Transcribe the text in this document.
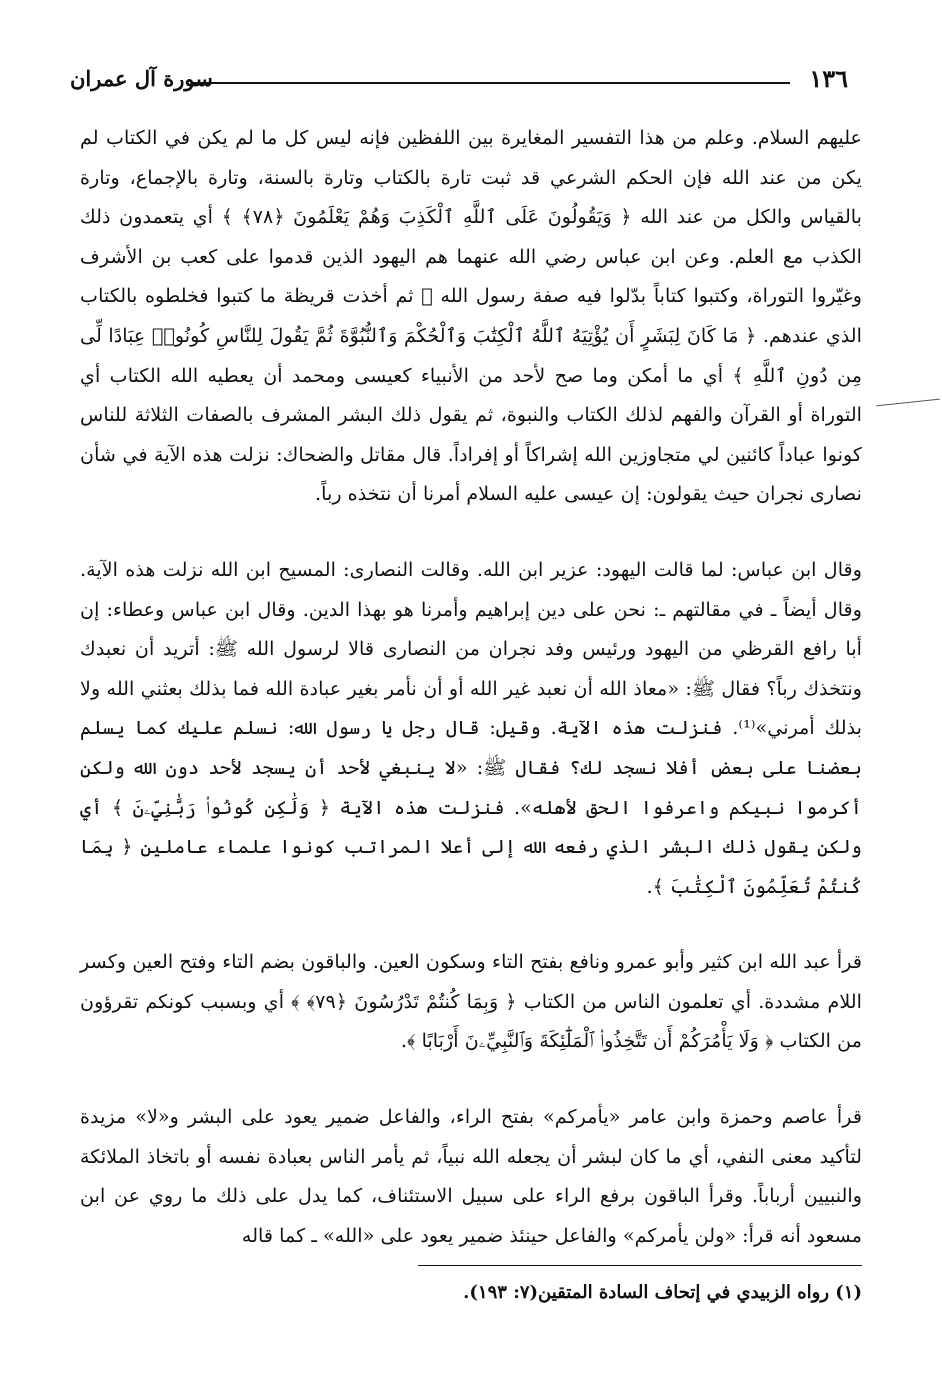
١٣٦
سورة آل عمران

عليهم السلام. وعلم من هذا التفسير المغايرة بين اللفظين فإنه ليس كل ما لم يكن في الكتاب لم يكن من عند الله فإن الحكم الشرعي قد ثبت تارة بالكتاب وتارة بالسنة، وتارة بالإجماع، وتارة بالقياس والكل من عند الله ﴿ وَيَقُولُونَ عَلَى ٱللَّهِ ٱلْكَذِبَ وَهُمْ يَعْلَمُونَ ﴿٧٨﴾ ﴾ أي يتعمدون ذلك الكذب مع العلم. وعن ابن عباس رضي الله عنهما هم اليهود الذين قدموا على كعب بن الأشرف وغيّروا التوراة، وكتبوا كتاباً بدّلوا فيه صفة رسول الله ﷺ ثم أخذت قريظة ما كتبوا فخلطوه بالكتاب الذي عندهم. ﴿ مَا كَانَ لِبَشَرٍ أَن يُؤْتِيَهُ ٱللَّهُ ٱلْكِتَٰبَ وَٱلْحُكْمَ وَٱلنُّبُوَّةَ ثُمَّ يَقُولَ لِلنَّاسِ كُونُوا۟ عِبَادًا لِّى مِن دُونِ ٱللَّهِ ﴾ أي ما أمكن وما صح لأحد من الأنبياء كعيسى ومحمد أن يعطيه الله الكتاب أي التوراة أو القرآن والفهم لذلك الكتاب والنبوة، ثم يقول ذلك البشر المشرف بالصفات الثلاثة للناس كونوا عباداً كائنين لي متجاوزين الله إشراكاً أو إفراداً. قال مقاتل والضحاك: نزلت هذه الآية في شأن نصارى نجران حيث يقولون: إن عيسى عليه السلام أمرنا أن نتخذه رباً.

وقال ابن عباس: لما قالت اليهود: عزير ابن الله. وقالت النصارى: المسيح ابن الله نزلت هذه الآية. وقال أيضاً ـ في مقالتهم ـ: نحن على دين إبراهيم وأمرنا هو بهذا الدين. وقال ابن عباس وعطاء: إن أبا رافع القرظي من اليهود ورئيس وفد نجران من النصارى قالا لرسول الله ﷺ: أتريد أن نعبدك ونتخذك رباً؟ فقال ﷺ: «معاذ الله أن نعبد غير الله أو أن نأمر بغير عبادة الله فما بذلك بعثني الله ولا بذلك أمرني»⁽¹⁾. فنزلت هذه الآية. وقيل: قال رجل يا رسول الله: نسلم عليك كما يسلم بعضنا على بعض أفلا نسجد لك؟ فقال ﷺ: «لا ينبغي لأحد أن يسجد لأحد دون الله ولكن أكرموا نبيكم واعرفوا الحق لأهله». فنزلت هذه الآية ﴿ وَلَٰكِن كُونُوا۟ رَبَّٰنِيِّۦنَ ﴾ أي ولكن يقول ذلك البشر الذي رفعه الله إلى أعلا المراتب كونوا علماء عاملين ﴿ بِمَا كُنتُمْ تُعَلِّمُونَ ٱلْكِتَٰبَ ﴾.

قرأ عبد الله ابن كثير وأبو عمرو ونافع بفتح التاء وسكون العين. والباقون بضم التاء وفتح العين وكسر اللام مشددة. أي تعلمون الناس من الكتاب ﴿ وَبِمَا كُنتُمْ تَدْرُسُونَ ﴿٧٩﴾ ﴾ أي وبسبب كونكم تقرؤون من الكتاب ﴿ وَلَا يَأْمُرَكُمْ أَن تَتَّخِذُوا۟ ٱلْمَلَٰٓئِكَةَ وَٱلنَّبِيِّۦنَ أَرْبَابًا ﴾.

قرأ عاصم وحمزة وابن عامر «يأمركم» بفتح الراء، والفاعل ضمير يعود على البشر و«لا» مزيدة لتأكيد معنى النفي، أي ما كان لبشر أن يجعله الله نبياً، ثم يأمر الناس بعبادة نفسه أو باتخاذ الملائكة والنبيين أرباباً. وقرأ الباقون برفع الراء على سبيل الاستئناف، كما يدل على ذلك ما روي عن ابن مسعود أنه قرأ: «ولن يأمركم» والفاعل حينئذ ضمير يعود على «الله» ـ كما قاله

(١) رواه الزبيدي في إتحاف السادة المتقين(٧: ١٩٣).
